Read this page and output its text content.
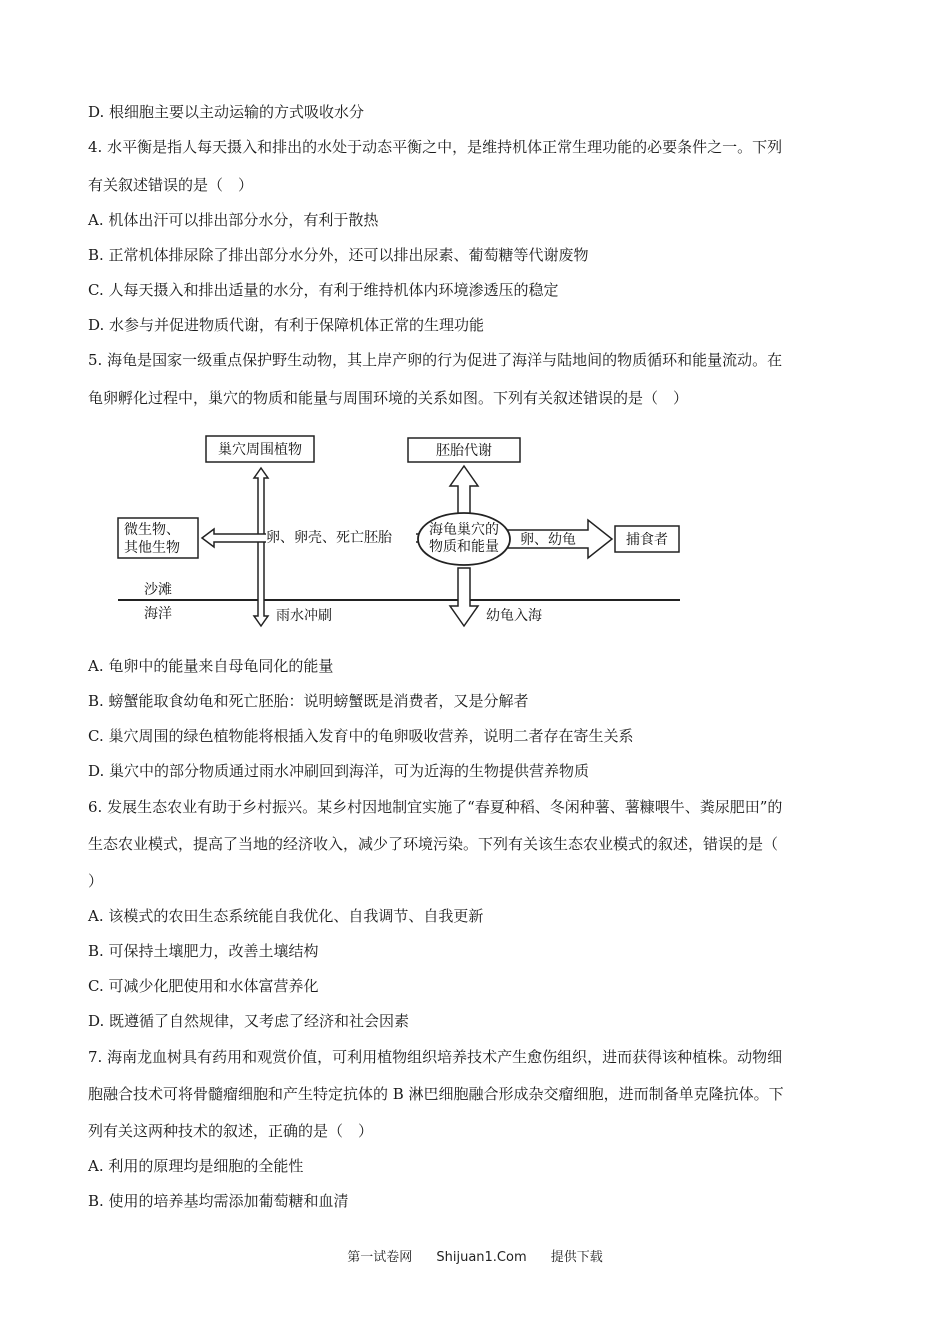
D. 根细胞主要以主动运输的方式吸收水分
4. 水平衡是指人每天摄入和排出的水处于动态平衡之中，是维持机体正常生理功能的必要条件之一。下列
有关叙述错误的是（　）
A. 机体出汗可以排出部分水分，有利于散热
B. 正常机体排尿除了排出部分水分外，还可以排出尿素、葡萄糖等代谢废物
C. 人每天摄入和排出适量的水分，有利于维持机体内环境渗透压的稳定
D. 水参与并促进物质代谢，有利于保障机体正常的生理功能
5. 海龟是国家一级重点保护野生动物，其上岸产卵的行为促进了海洋与陆地间的物质循环和能量流动。在
龟卵孵化过程中，巢穴的物质和能量与周围环境的关系如图。下列有关叙述错误的是（　）
巢穴周围植物	胚胎代谢
微生物、
其他生物	捕食者
卵、卵壳、死亡胚胎	卵、幼龟
海龟巢穴的
物质和能量
沙滩
海洋	雨水冲刷	幼龟入海
A. 龟卵中的能量来自母龟同化的能量
B. 螃蟹能取食幼龟和死亡胚胎：说明螃蟹既是消费者，又是分解者
C. 巢穴周围的绿色植物能将根插入发育中的龟卵吸收营养，说明二者存在寄生关系
D. 巢穴中的部分物质通过雨水冲刷回到海洋，可为近海的生物提供营养物质
6. 发展生态农业有助于乡村振兴。某乡村因地制宜实施了“春夏种稻、冬闲种薯、薯糠喂牛、粪尿肥田”的
生态农业模式，提高了当地的经济收入，减少了环境污染。下列有关该生态农业模式的叙述，错误的是（
）
A. 该模式的农田生态系统能自我优化、自我调节、自我更新
B. 可保持土壤肥力，改善土壤结构
C. 可减少化肥使用和水体富营养化
D. 既遵循了自然规律，又考虑了经济和社会因素
7. 海南龙血树具有药用和观赏价值，可利用植物组织培养技术产生愈伤组织，进而获得该种植株。动物细
胞融合技术可将骨髓瘤细胞和产生特定抗体的 B 淋巴细胞融合形成杂交瘤细胞，进而制备单克隆抗体。下
列有关这两种技术的叙述，正确的是（　）
A. 利用的原理均是细胞的全能性
B. 使用的培养基均需添加葡萄糖和血清
第一试卷网 Shijuan1.Com 提供下载
